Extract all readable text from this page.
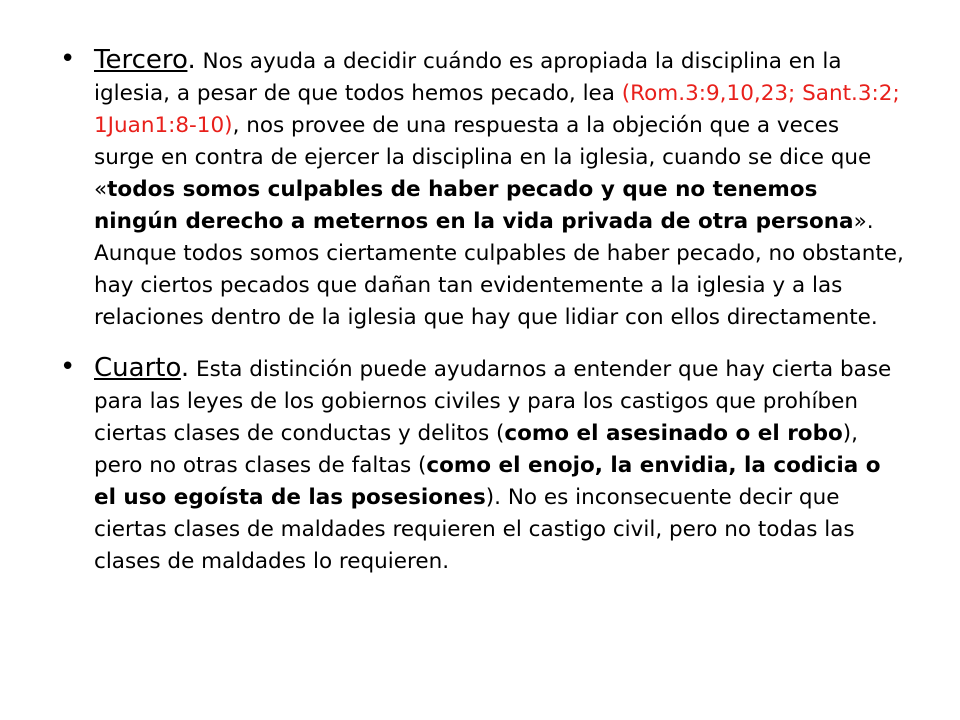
• Tercero. Nos ayuda a decidir cuándo es apropiada la disciplina en la iglesia, a pesar de que todos hemos pecado, lea (Rom.3:9,10,23; Sant.3:2; 1Juan1:8-10), nos provee de una respuesta a la objeción que a veces surge en contra de ejercer la disciplina en la iglesia, cuando se dice que «todos somos culpables de haber pecado y que no tenemos ningún derecho a meternos en la vida privada de otra persona». Aunque todos somos ciertamente culpables de haber pecado, no obstante, hay ciertos pecados que dañan tan evidentemente a la iglesia y a las relaciones dentro de la iglesia que hay que lidiar con ellos directamente.
• Cuarto. Esta distinción puede ayudarnos a entender que hay cierta base para las leyes de los gobiernos civiles y para los castigos que prohíben ciertas clases de conductas y delitos (como el asesinado o el robo), pero no otras clases de faltas (como el enojo, la envidia, la codicia o el uso egoísta de las posesiones). No es inconsecuente decir que ciertas clases de maldades requieren el castigo civil, pero no todas las clases de maldades lo requieren.
